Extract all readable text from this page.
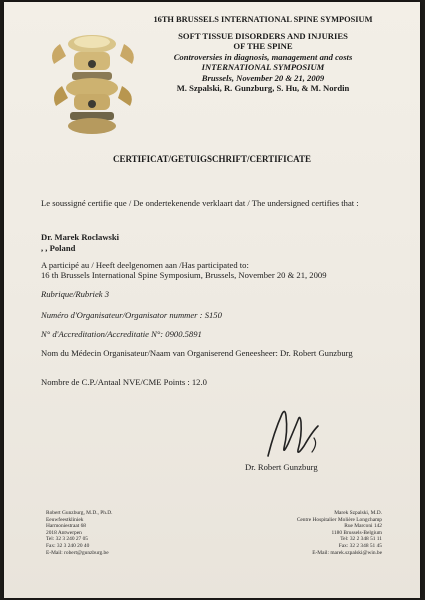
16TH BRUSSELS INTERNATIONAL SPINE SYMPOSIUM
SOFT TISSUE DISORDERS AND INJURIES
OF THE SPINE
Controversies in diagnosis, management and costs
INTERNATIONAL SYMPOSIUM
Brussels, November 20 & 21, 2009
M. Szpalski, R. Gunzburg, S. Hu, & M. Nordin
CERTIFICAT/GETUIGSCHRIFT/CERTIFICATE
Le soussigné certifie que / De ondertekenende verklaart dat / The undersigned certifies that :
Dr. Marek Roclawski
, , Poland
A participé au / Heeft deelgenomen aan /Has participated to:
16 th Brussels International Spine Symposium, Brussels, November 20 & 21, 2009
Rubrique/Rubriek 3
Numéro d'Organisateur/Organisator nummer : S150
N° d'Accreditation/Accreditatie N°: 0900.5891
Nom du Médecin Organisateur/Naam van Organiserend Geneesheer: Dr. Robert Gunzburg
Nombre de C.P./Antaal NVE/CME Points : 12.0
Dr. Robert Gunzburg
Robert Gunzburg, M.D., Ph.D.
Eeuwfeestkliniek
Harmoniestraat 68
2018 Antwerpen
Tel: 32 3 240 27 05
Fax: 32 3 240 20 40
E-Mail: robert@gunzburg.be
Marek Szpalski, M.D.
Centre Hospitalier Molière Longchamp
Rue Marconi 142
1180 Brussels-Belgium
Tel: 32 2 348 51 11
Fax: 32 2 348 51 45
E-Mail: marek.szpalski@win.be
